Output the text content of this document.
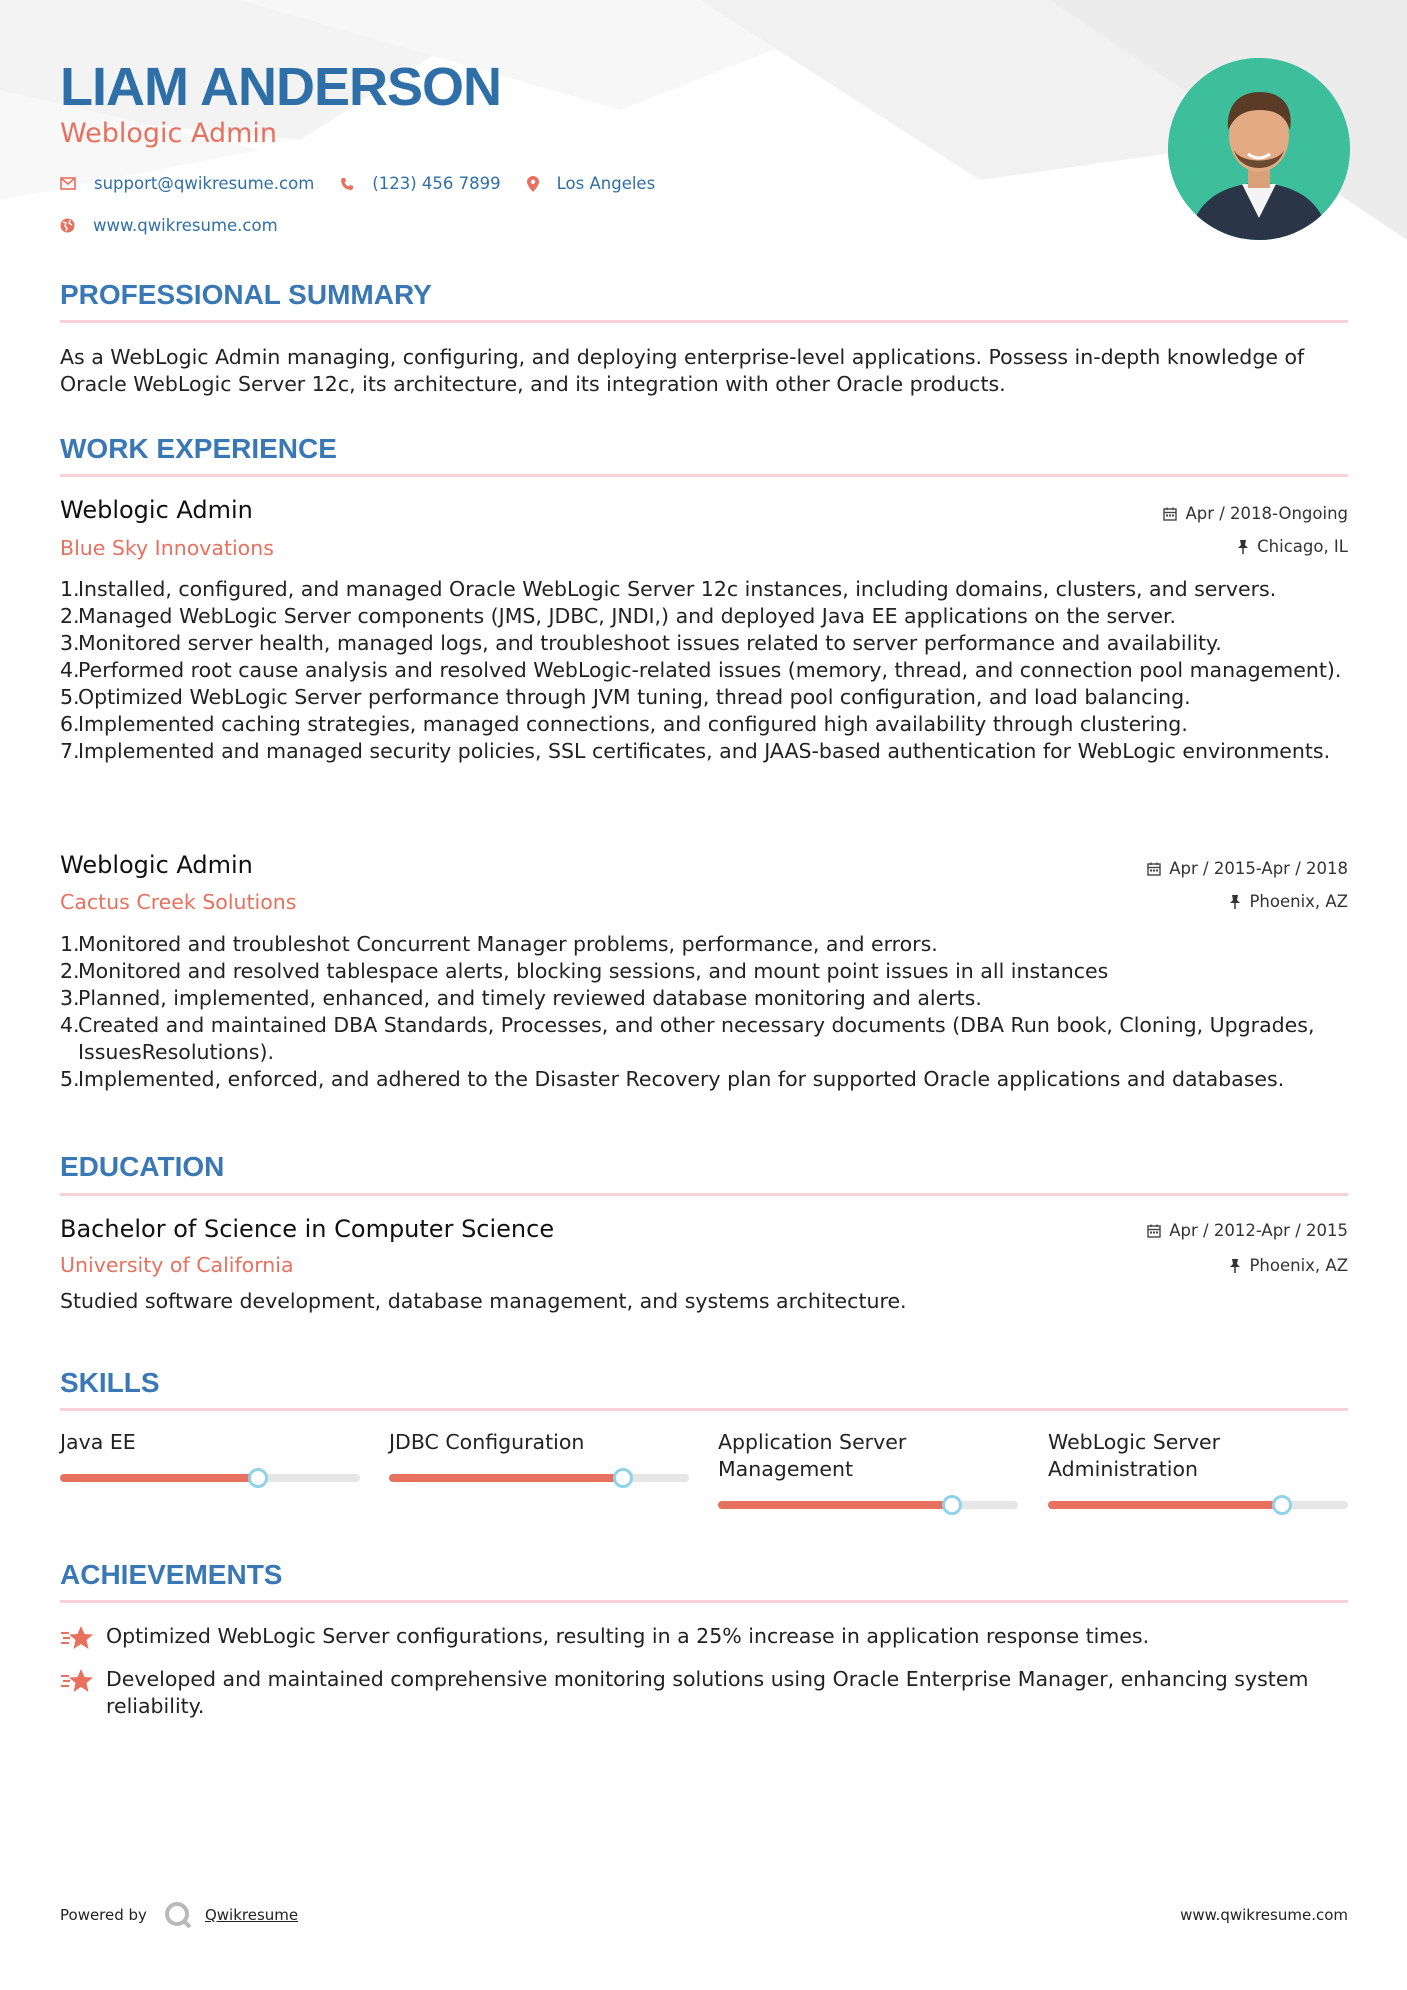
LIAM ANDERSON
Weblogic Admin
support@qwikresume.com	(123) 456 7899	Los Angeles
www.qwikresume.com
PROFESSIONAL SUMMARY
As a WebLogic Admin managing, configuring, and deploying enterprise-level applications. Possess in-depth knowledge of Oracle WebLogic Server 12c, its architecture, and its integration with other Oracle products.
WORK EXPERIENCE
Weblogic Admin	Apr / 2018-Ongoing
Blue Sky Innovations	Chicago, IL
Installed, configured, and managed Oracle WebLogic Server 12c instances, including domains, clusters, and servers.
Managed WebLogic Server components (JMS, JDBC, JNDI,) and deployed Java EE applications on the server.
Monitored server health, managed logs, and troubleshoot issues related to server performance and availability.
Performed root cause analysis and resolved WebLogic-related issues (memory, thread, and connection pool management).
Optimized WebLogic Server performance through JVM tuning, thread pool configuration, and load balancing.
Implemented caching strategies, managed connections, and configured high availability through clustering.
Implemented and managed security policies, SSL certificates, and JAAS-based authentication for WebLogic environments.
Weblogic Admin	Apr / 2015-Apr / 2018
Cactus Creek Solutions	Phoenix, AZ
Monitored and troubleshot Concurrent Manager problems, performance, and errors.
Monitored and resolved tablespace alerts, blocking sessions, and mount point issues in all instances
Planned, implemented, enhanced, and timely reviewed database monitoring and alerts.
Created and maintained DBA Standards, Processes, and other necessary documents (DBA Run book, Cloning, Upgrades, IssuesResolutions).
Implemented, enforced, and adhered to the Disaster Recovery plan for supported Oracle applications and databases.
EDUCATION
Bachelor of Science in Computer Science	Apr / 2012-Apr / 2015
University of California	Phoenix, AZ
Studied software development, database management, and systems architecture.
SKILLS
Java EE	JDBC Configuration	Application Server Management
WebLogic Server Administration
ACHIEVEMENTS
Optimized WebLogic Server configurations, resulting in a 25% increase in application response times.
Developed and maintained comprehensive monitoring solutions using Oracle Enterprise Manager, enhancing system reliability.
Powered by	Qwikresume	www.qwikresume.com
